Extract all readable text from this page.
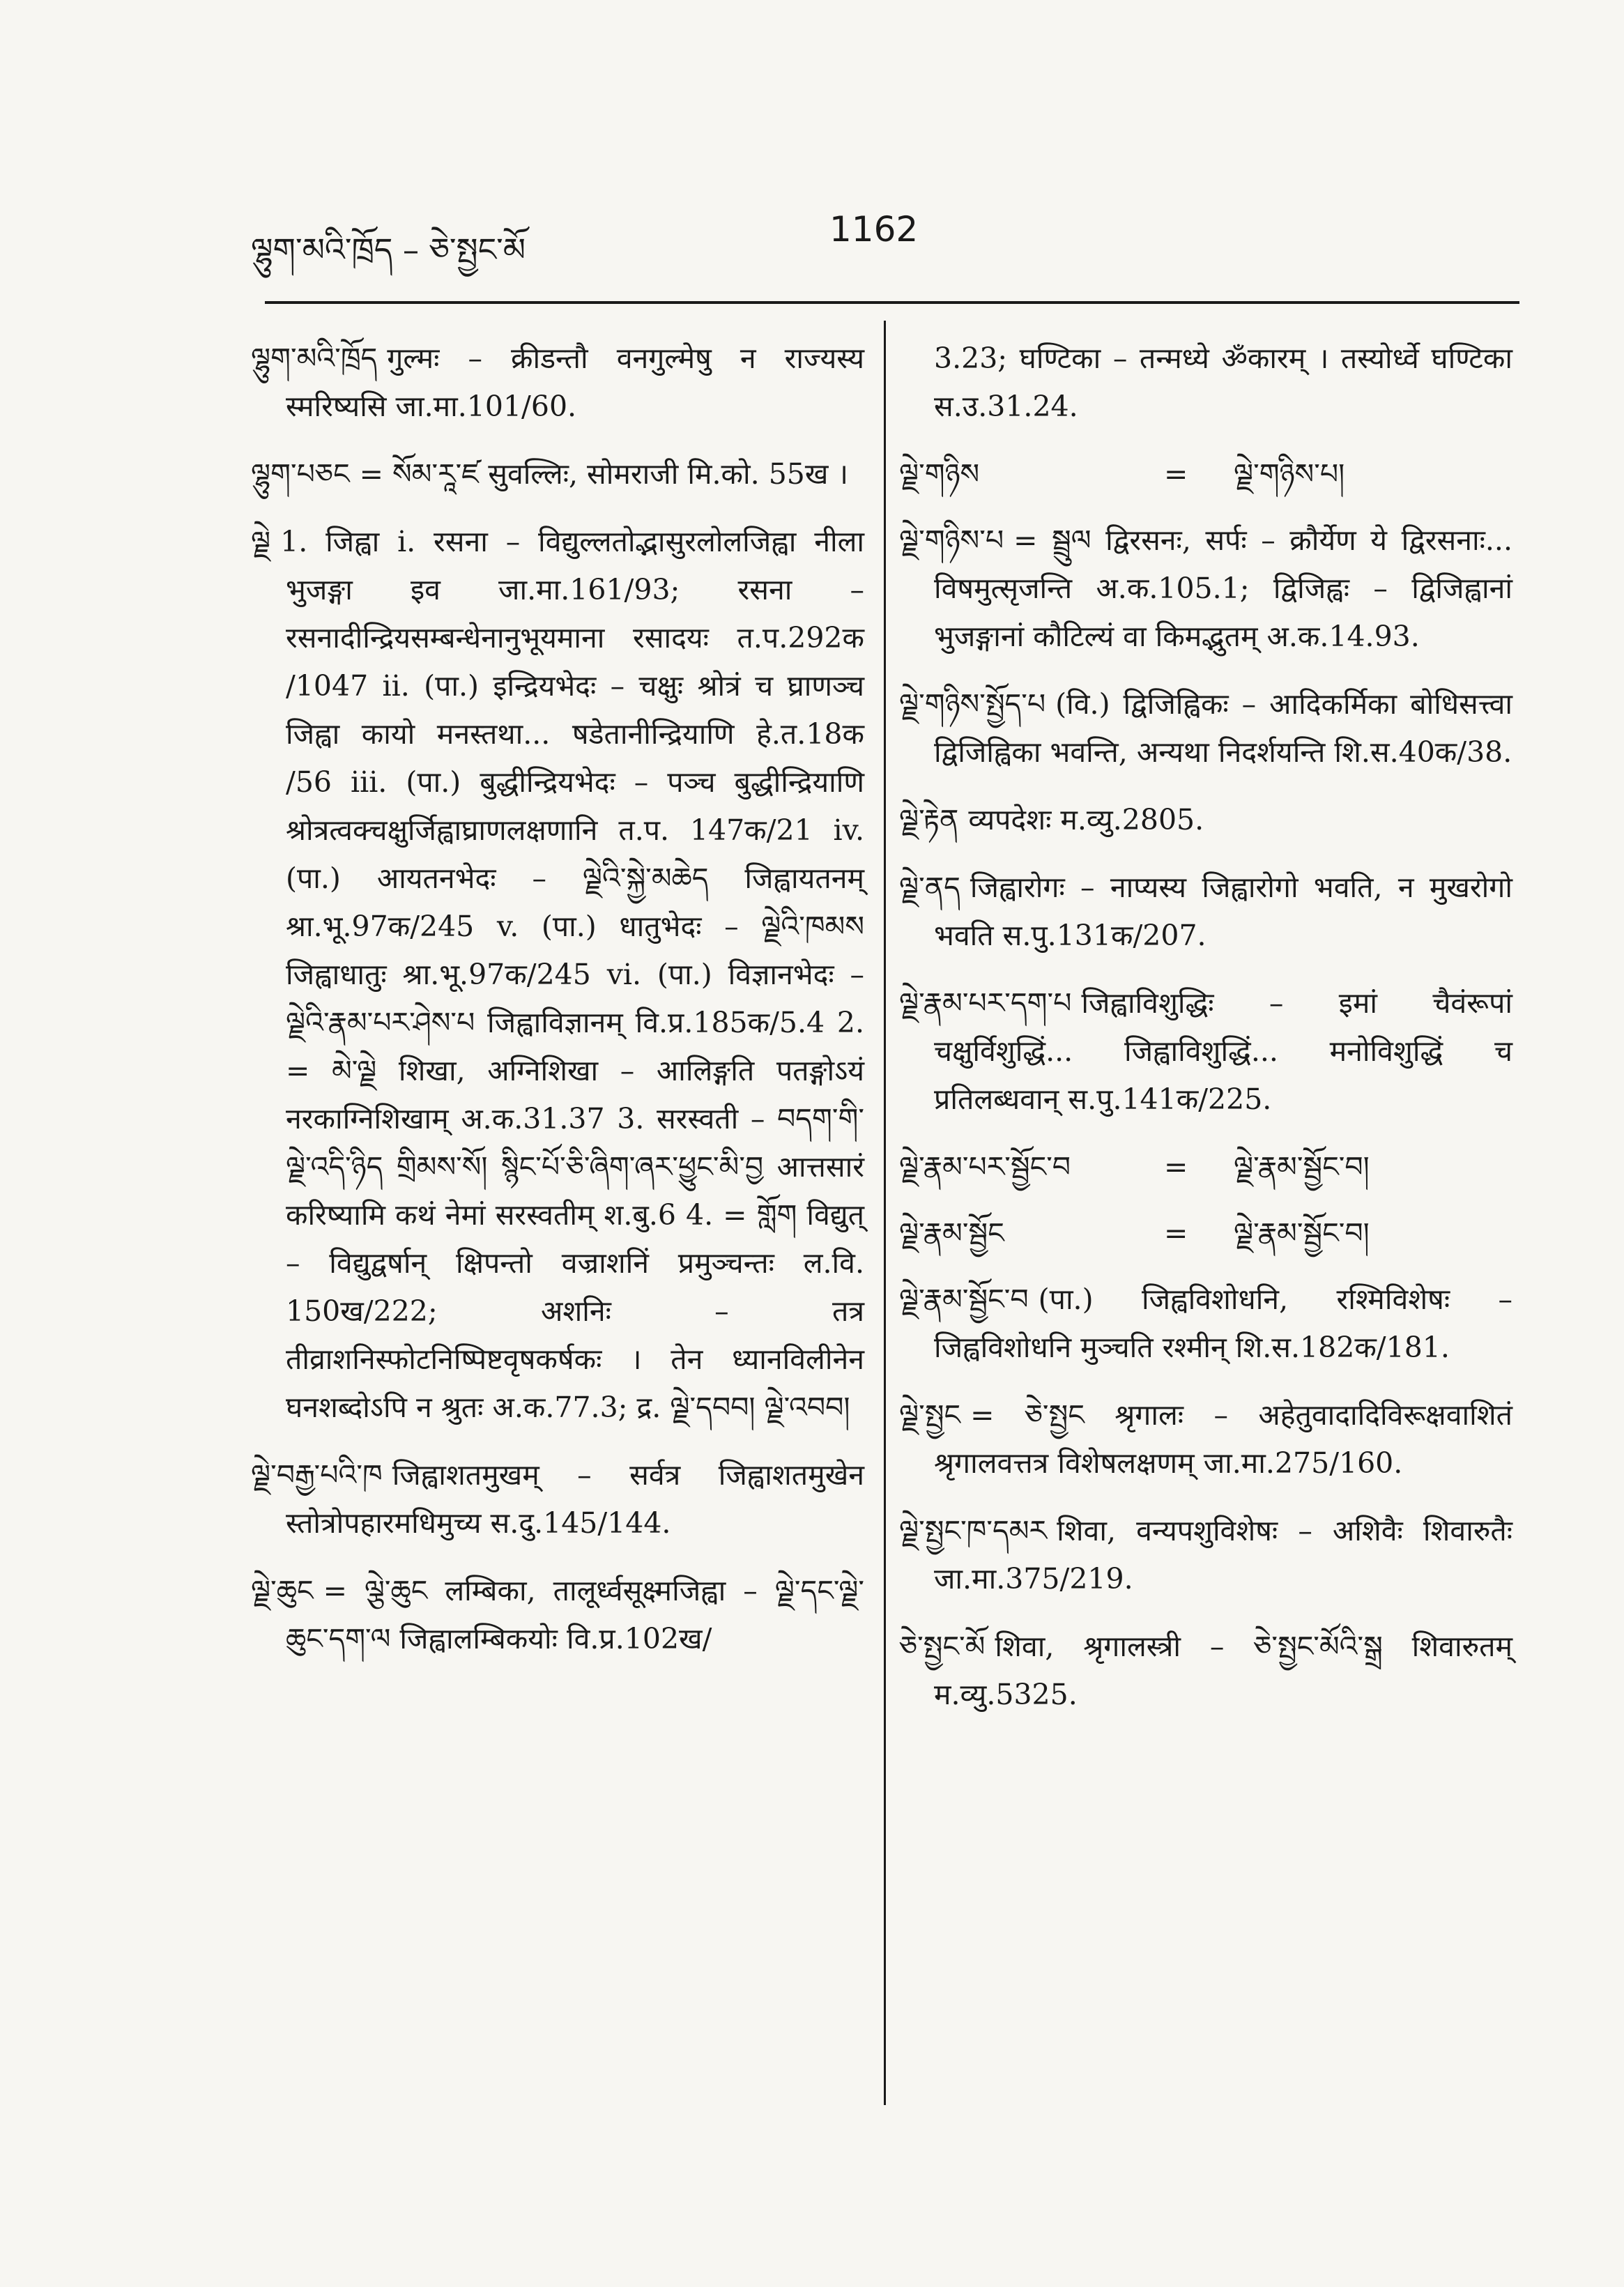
ལྷུག་མའི་ཁྲོད – ཅེ་སྤྱང་མོ	1162

ལྷུག་མའི་ཁྲོད गुल्मः – क्रीडन्तौ वनगुल्मेषु न राज्यस्य स्मरिष्यसि जा.मा.101/60.

ལྷུག་པཅང = སོམ་རཱ་ཛ सुवल्लिः, सोमराजी मि.को. 55ख ।

ལྗེ 1. जिह्वा i. रसना – विद्युल्लतोद्भासुरलोलजिह्वा नीला भुजङ्गा इव जा.मा.161/93; रसना – रसनादीन्द्रियसम्बन्धेनानुभूयमाना रसादयः त.प.292क /1047 ii. (पा.) इन्द्रियभेदः – चक्षुः श्रोत्रं च घ्राणञ्च जिह्वा कायो मनस्तथा... षडेतानीन्द्रियाणि हे.त.18क /56 iii. (पा.) बुद्धीन्द्रियभेदः – पञ्च बुद्धीन्द्रियाणि श्रोत्रत्वक्चक्षुर्जिह्वाघ्राणलक्षणानि त.प. 147क/21 iv. (पा.) आयतनभेदः – ལྗེའི་སྐྱེ་མཆེད जिह्वायतनम् श्रा.भू.97क/245 v. (पा.) धातुभेदः – ལྗེའི་ཁམས जिह्वाधातुः श्रा.भू.97क/245 vi. (पा.) विज्ञानभेदः – ལྗེའི་རྣམ་པར་ཤེས་པ जिह्वाविज्ञानम् वि.प्र.185क/5.4 2. = མེ་ལྗེ शिखा, अग्निशिखा – आलिङ्गति पतङ्गोऽयं नरकाग्निशिखाम् अ.क.31.37 3. सरस्वती – བདག་གི་ལྗེ་འདི་ཉིད གྲིམས་སོ། སྙིང་པོ་ཅི་ཞིག་ཞར་ཕྱུང་མི་བྱ आत्तसारं करिष्यामि कथं नेमां सरस्वतीम् श.बु.6 4. = གློག विद्युत् – विद्युद्वर्षान् क्षिपन्तो वज्राशनिं प्रमुञ्चन्तः ल.वि. 150ख/222; अशनिः – तत्र तीव्राशनिस्फोटनिष्पिष्टवृषकर्षकः । तेन ध्यानविलीनेन घनशब्दोऽपि न श्रुतः अ.क.77.3; द्र. ལྗེ་དབབ། ལྗེ་འབབ།

ལྗེ་བརྒྱ་པའི་ཁ जिह्वाशतमुखम् – सर्वत्र जिह्वाशतमुखेन स्तोत्रोपहारमधिमुच्य स.दु.145/144.

ལྗེ་ཆུང = ལྕེ་ཆུང लम्बिका, तालूर्ध्वसूक्ष्मजिह्वा – ལྗེ་དང་ལྗེ་ཆུང་དག་ལ जिह्वालम्बिकयोः वि.प्र.102ख/

3.23; घण्टिका – तन्मध्ये ॐकारम् । तस्योर्ध्वे घण्टिका स.उ.31.24.

ལྗེ་གཉིས	= ལྗེ་གཉིས་པ།

ལྗེ་གཉིས་པ = སྦྲུལ द्विरसनः, सर्पः – क्रौर्येण ये द्विरसनाः... विषमुत्सृजन्ति अ.क.105.1; द्विजिह्वः – द्विजिह्वानां भुजङ्गानां कौटिल्यं वा किमद्भुतम् अ.क.14.93.

ལྗེ་གཉིས་སྤྱོད་པ (वि.) द्विजिह्विकः – आदिकर्मिका बोधिसत्त्वा द्विजिह्विका भवन्ति, अन्यथा निदर्शयन्ति शि.स.40क/38.

ལྗེ་རྟེན व्यपदेशः म.व्यु.2805.

ལྗེ་ནད जिह्वारोगः – नाप्यस्य जिह्वारोगो भवति, न मुखरोगो भवति स.पु.131क/207.

ལྗེ་རྣམ་པར་དག་པ जिह्वाविशुद्धिः – इमां चैवंरूपां चक्षुर्विशुद्धिं... जिह्वाविशुद्धिं... मनोविशुद्धिं च प्रतिलब्धवान् स.पु.141क/225.

ལྗེ་རྣམ་པར་སྦྱོང་བ	= ལྗེ་རྣམ་སྦྱོང་བ།
ལྗེ་རྣམ་སྦྱོང	= ལྗེ་རྣམ་སྦྱོང་བ།

ལྗེ་རྣམ་སྦྱོང་བ (पा.) जिह्वविशोधनि, रश्मिविशेषः – जिह्वविशोधनि मुञ्चति रश्मीन् शि.स.182क/181.

ལྗེ་སྤྱང = ཅེ་སྤྱང श्रृगालः – अहेतुवादादिविरूक्षवाशितं श्रृगालवत्तत्र विशेषलक्षणम् जा.मा.275/160.

ལྗེ་སྤྱང་ཁ་དམར शिवा, वन्यपशुविशेषः – अशिवैः शिवारुतैः जा.मा.375/219.

ཅེ་སྤྱང་མོ शिवा, श्रृगालस्त्री – ཅེ་སྤྱང་མོའི་སྒྲ शिवारुतम् म.व्यु.5325.
